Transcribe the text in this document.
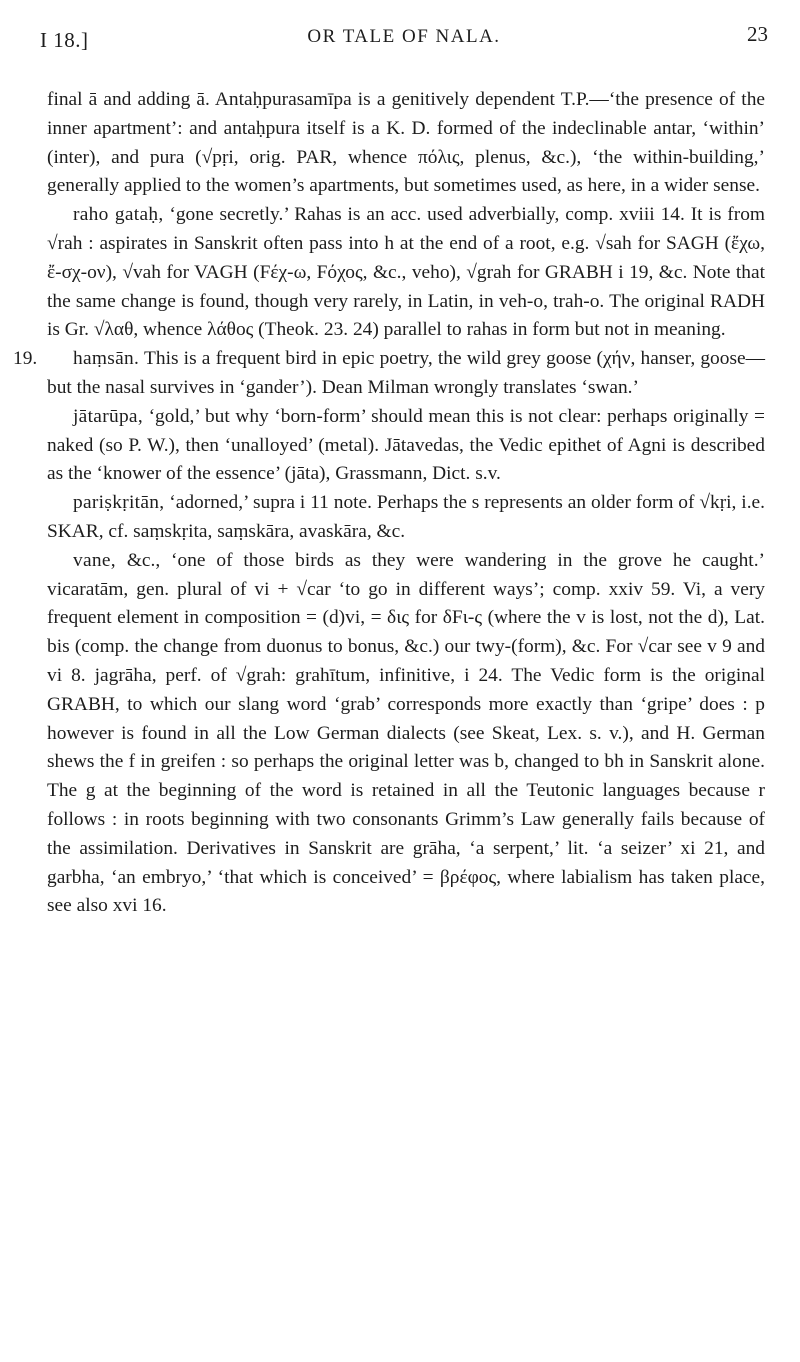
I 18.]	OR TALE OF NALA.	23

final ā and adding ā. Antaḥpurasamīpa is a genitively dependent T.P.—‘the presence of the inner apartment’: and antaḥpura itself is a K. D. formed of the indeclinable antar, ‘within’ (inter), and pura (√pṛi, orig. PAR, whence πόλις, plenus, &c.), ‘the within-building,’ generally applied to the women’s apartments, but sometimes used, as here, in a wider sense.

raho gataḥ, ‘gone secretly.’ Rahas is an acc. used adverbially, comp. xviii 14. It is from √rah : aspirates in Sanskrit often pass into h at the end of a root, e.g. √sah for SAGH (ἔχω, ἔ-σχ-ον), √vah for VAGH (Fέχ-ω, Fόχος, &c., veho), √grah for GRABH i 19, &c. Note that the same change is found, though very rarely, in Latin, in veh-o, trah-o. The original RADH is Gr. √λαθ, whence λάθος (Theok. 23. 24) parallel to rahas in form but not in meaning.

19. haṃsān. This is a frequent bird in epic poetry, the wild grey goose (χήν, hanser, goose—but the nasal survives in ‘gander’). Dean Milman wrongly translates ‘swan.’

jātarūpa, ‘gold,’ but why ‘born-form’ should mean this is not clear: perhaps originally = naked (so P. W.), then ‘unalloyed’ (metal). Jātavedas, the Vedic epithet of Agni is described as the ‘knower of the essence’ (jāta), Grassmann, Dict. s.v.

pariṣkṛitān, ‘adorned,’ supra i 11 note. Perhaps the s represents an older form of √kṛi, i.e. SKAR, cf. saṃskṛita, saṃskāra, avaskāra, &c.

vane, &c., ‘one of those birds as they were wandering in the grove he caught.’ vicaratām, gen. plural of vi + √car ‘to go in different ways’; comp. xxiv 59. Vi, a very frequent element in composition = (d)vi, = δις for δFι-ς (where the v is lost, not the d), Lat. bis (comp. the change from duonus to bonus, &c.) our twy-(form), &c. For √car see v 9 and vi 8. jagrāha, perf. of √grah: grahītum, infinitive, i 24. The Vedic form is the original GRABH, to which our slang word ‘grab’ corresponds more exactly than ‘gripe’ does : p however is found in all the Low German dialects (see Skeat, Lex. s. v.), and H. German shews the f in greifen : so perhaps the original letter was b, changed to bh in Sanskrit alone. The g at the beginning of the word is retained in all the Teutonic languages because r follows : in roots beginning with two consonants Grimm’s Law generally fails because of the assimilation. Derivatives in Sanskrit are grāha, ‘a serpent,’ lit. ‘a seizer’ xi 21, and garbha, ‘an embryo,’ ‘that which is conceived’ = βρέφος, where labialism has taken place, see also xvi 16.
